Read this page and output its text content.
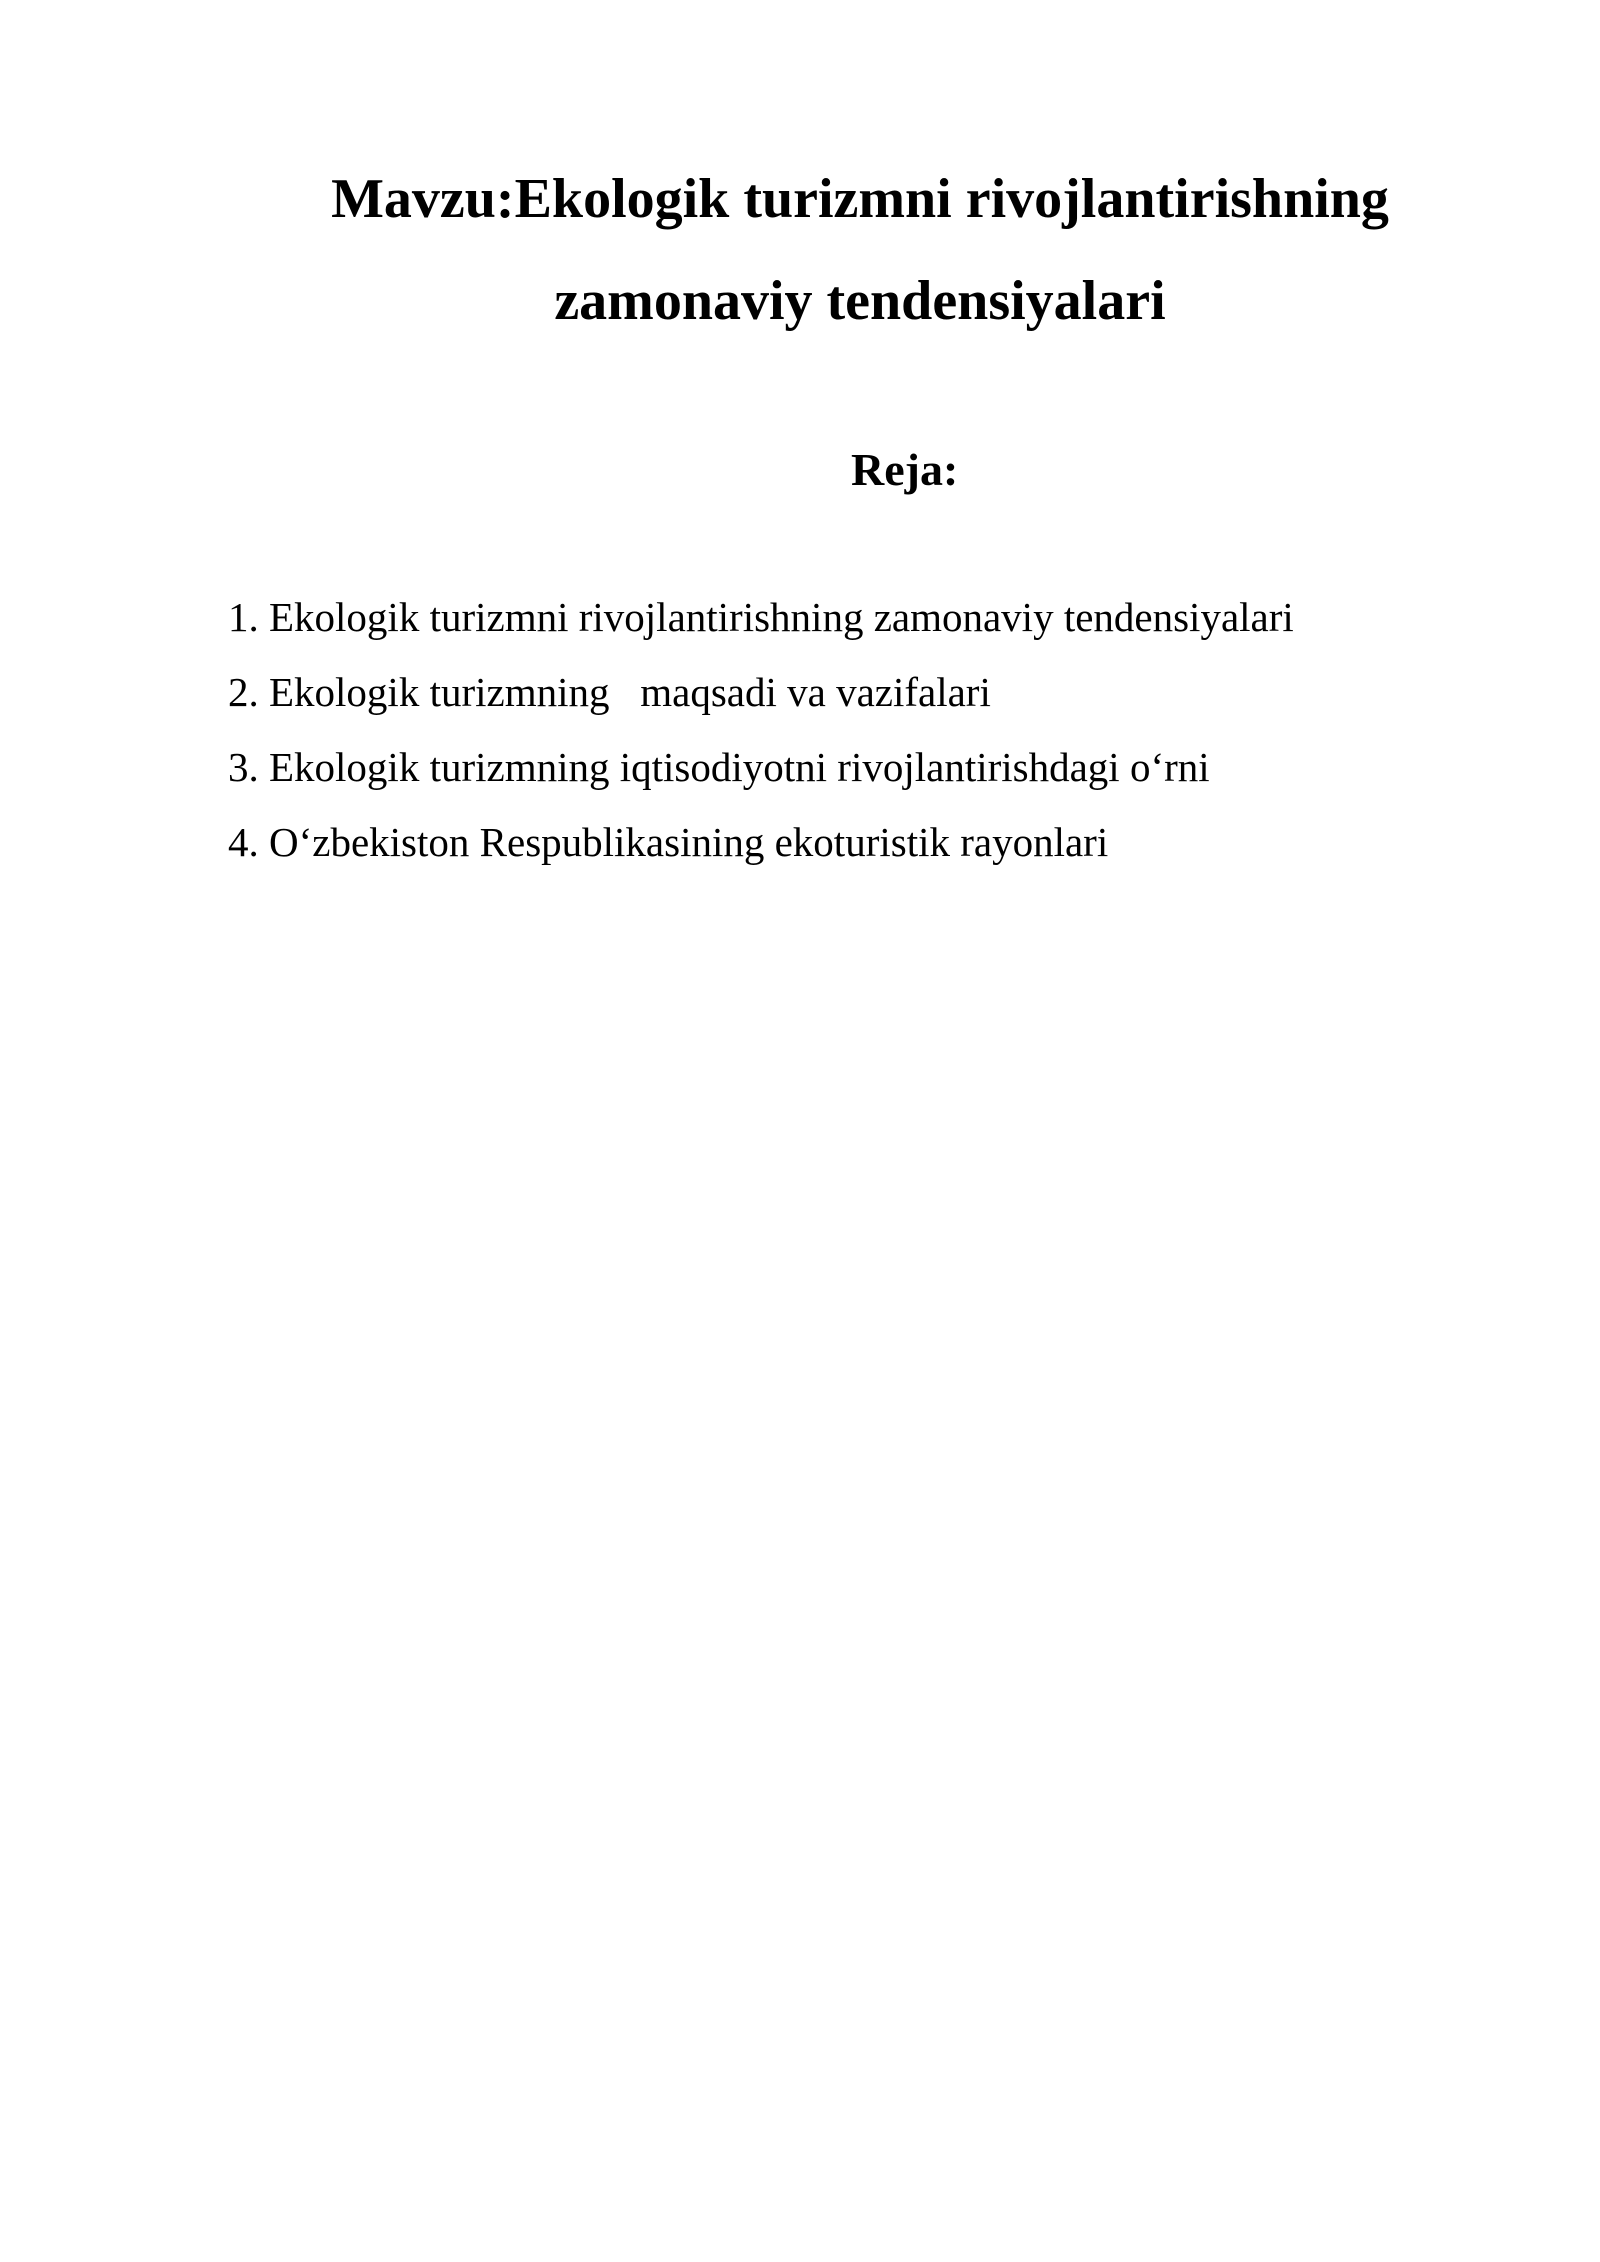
Mavzu:Ekologik turizmni rivojlantirishning
zamonaviy tendensiyalari
Reja:
1. Ekologik turizmni rivojlantirishning zamonaviy tendensiyalari
2. Ekologik turizmning   maqsadi va vazifalari
3. Ekologik turizmning iqtisodiyotni rivojlantirishdagi o‘rni
4. O‘zbekiston Respublikasining ekoturistik rayonlari
